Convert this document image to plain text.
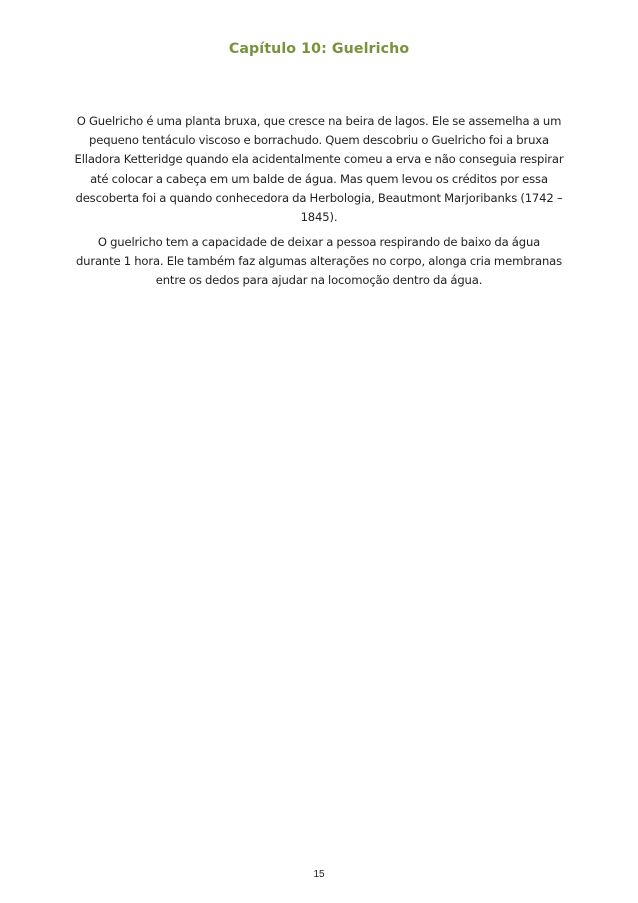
Capítulo 10: Guelricho

O Guelricho é uma planta bruxa, que cresce na beira de lagos. Ele se assemelha a um

pequeno tentáculo viscoso e borrachudo. Quem descobriu o Guelricho foi a bruxa

Elladora Ketteridge quando ela acidentalmente comeu a erva e não conseguia respirar

até colocar a cabeça em um balde de água. Mas quem levou os créditos por essa

descoberta foi a quando conhecedora da Herbologia, Beautmont Marjoribanks (1742 –

1845).

O guelricho tem a capacidade de deixar a pessoa respirando de baixo da água

durante 1 hora. Ele também faz algumas alterações no corpo, alonga cria membranas

entre os dedos para ajudar na locomoção dentro da água.

15
